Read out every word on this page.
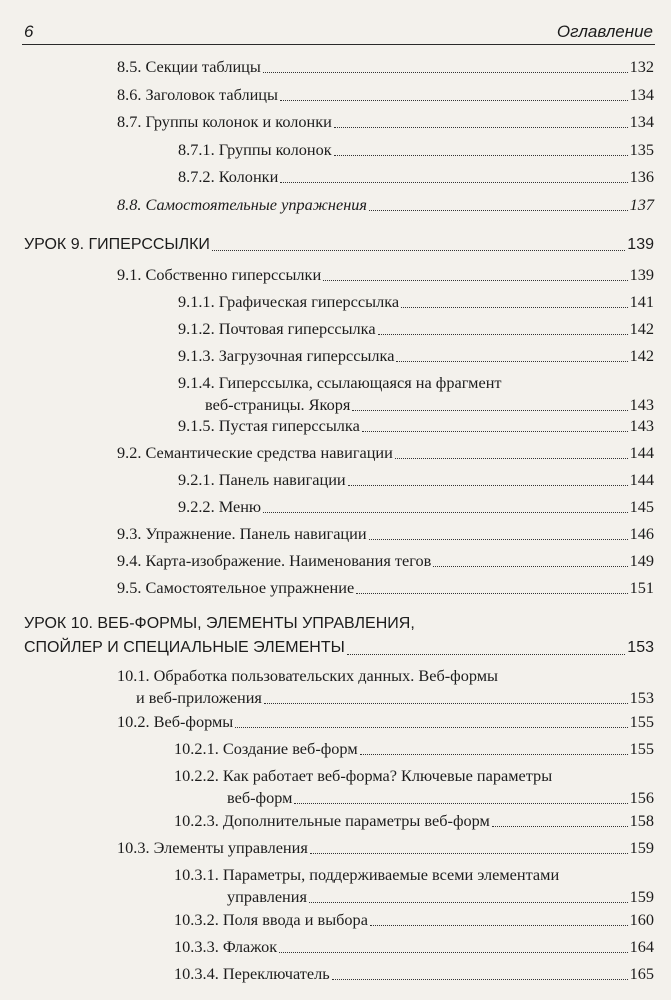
6	Оглавление
8.5. Секции таблицы	132
8.6. Заголовок таблицы	134
8.7. Группы колонок и колонки	134
8.7.1. Группы колонок	135
8.7.2. Колонки	136
8.8. Самостоятельные упражнения	137
УРОК 9. ГИПЕРССЫЛКИ	139
9.1. Собственно гиперссылки	139
9.1.1. Графическая гиперссылка	141
9.1.2. Почтовая гиперссылка	142
9.1.3. Загрузочная гиперссылка	142
9.1.4. Гиперссылка, ссылающаяся на фрагмент
веб-страницы. Якоря	143
9.1.5. Пустая гиперссылка	143
9.2. Семантические средства навигации	144
9.2.1. Панель навигации	144
9.2.2. Меню	145
9.3. Упражнение. Панель навигации	146
9.4. Карта-изображение. Наименования тегов	149
9.5. Самостоятельное упражнение	151
УРОК 10. ВЕБ-ФОРМЫ, ЭЛЕМЕНТЫ УПРАВЛЕНИЯ,
СПОЙЛЕР И СПЕЦИАЛЬНЫЕ ЭЛЕМЕНТЫ	153
10.1. Обработка пользовательских данных. Веб-формы
и веб-приложения	153
10.2. Веб-формы	155
10.2.1. Создание веб-форм	155
10.2.2. Как работает веб-форма? Ключевые параметры
веб-форм	156
10.2.3. Дополнительные параметры веб-форм	158
10.3. Элементы управления	159
10.3.1. Параметры, поддерживаемые всеми элементами
управления	159
10.3.2. Поля ввода и выбора	160
10.3.3. Флажок	164
10.3.4. Переключатель	165
